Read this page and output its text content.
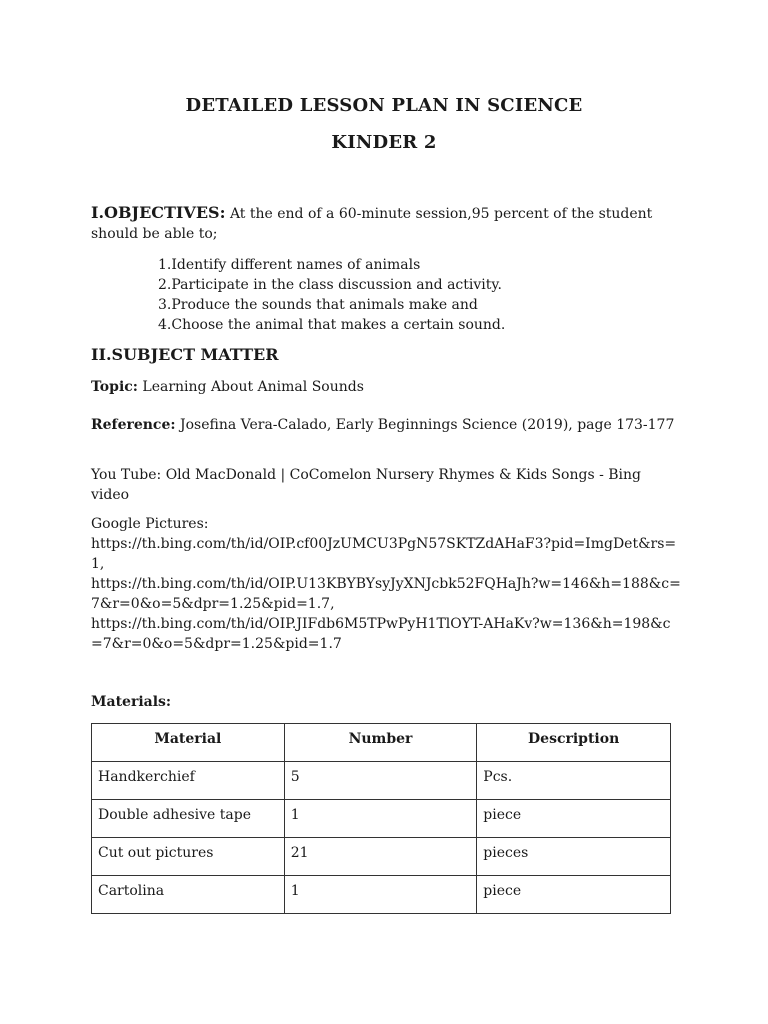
DETAILED LESSON PLAN IN SCIENCE
KINDER 2
I.OBJECTIVES: At the end of a 60-minute session,95 percent of the student should be able to;
1.Identify different names of animals
2.Participate in the class discussion and activity.
3.Produce the sounds that animals make and
4.Choose the animal that makes a certain sound.
II.SUBJECT MATTER
Topic: Learning About Animal Sounds
Reference: Josefina Vera-Calado, Early Beginnings Science (2019), page 173-177
You Tube: Old MacDonald | CoComelon Nursery Rhymes & Kids Songs - Bing video
Google Pictures:
https://th.bing.com/th/id/OIP.cf00JzUMCU3PgN57SKTZdAHaF3?pid=ImgDet&rs=1,
https://th.bing.com/th/id/OIP.U13KBYBYsyJyXNJcbk52FQHaJh?w=146&h=188&c=7&r=0&o=5&dpr=1.25&pid=1.7,
https://th.bing.com/th/id/OIP.JIFdb6M5TPwPyH1TlOYT-AHaKv?w=136&h=198&c=7&r=0&o=5&dpr=1.25&pid=1.7
Materials:
Material	Number	Description
Handkerchief	5	Pcs.
Double adhesive tape	1	piece
Cut out pictures	21	pieces
Cartolina	1	piece
